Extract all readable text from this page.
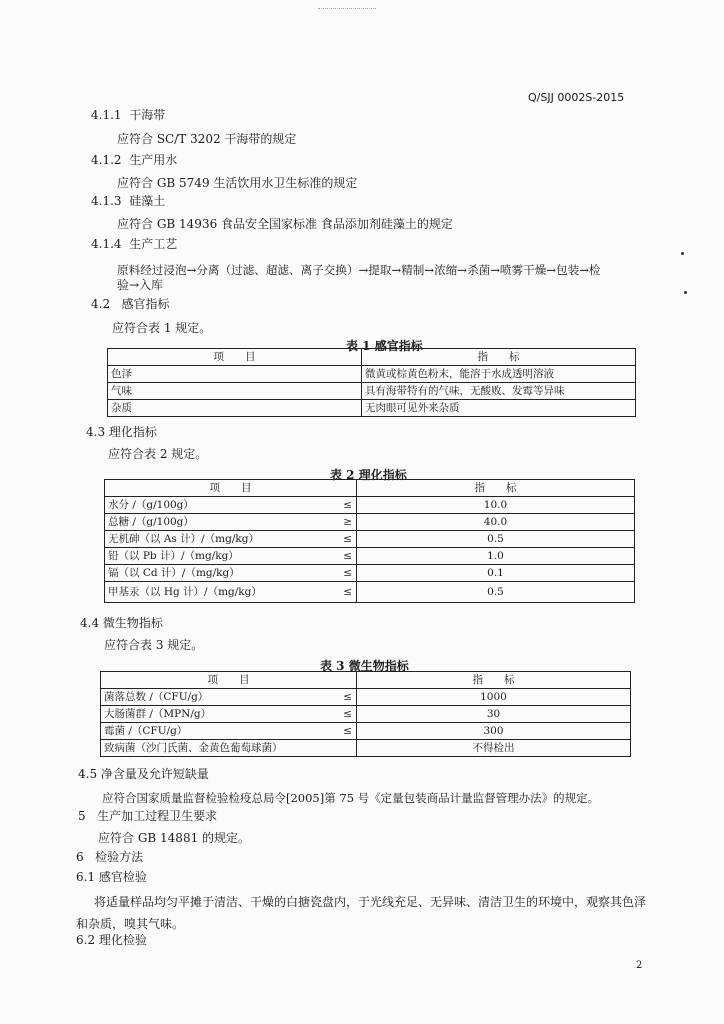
Q/SJJ 0002S-2015
4.1.1 干海带
应符合 SC/T 3202 干海带的规定
4.1.2 生产用水
应符合 GB 5749 生活饮用水卫生标准的规定
4.1.3 硅藻土
应符合 GB 14936 食品安全国家标准 食品添加剂硅藻土的规定
4.1.4 生产工艺
原料经过浸泡→分离（过滤、超滤、离子交换）→提取→精制→浓缩→杀菌→喷雾干燥→包装→检
验→入库
4.2 感官指标
应符合表 1 规定。
表 1 感官指标
项　　目	指　　标
色泽	微黄或棕黄色粉末，能溶于水成透明溶液
气味	具有海带特有的气味，无酸败、发霉等异味
杂质	无肉眼可见外来杂质
4.3 理化指标
应符合表 2 规定。
表 2 理化指标
项　　目		指　　标
水分 /（g/100g）	≤	10.0
总糖 /（g/100g）	≥	40.0
无机砷（以 As 计）/（mg/kg）	≤	0.5
铅（以 Pb 计）/（mg/kg）	≤	1.0
镉（以 Cd 计）/（mg/kg）	≤	0.1
甲基汞（以 Hg 计）/（mg/kg）	≤	0.5
4.4 微生物指标
应符合表 3 规定。
表 3 微生物指标
项　　目		指　　标
菌落总数 /（CFU/g）	≤	1000
大肠菌群 /（MPN/g）	≤	30
霉菌 /（CFU/g）	≤	300
致病菌（沙门氏菌、金黄色葡萄球菌）		不得检出
4.5 净含量及允许短缺量
应符合国家质量监督检验检疫总局令[2005]第 75 号《定量包装商品计量监督管理办法》的规定。
5 生产加工过程卫生要求
应符合 GB 14881 的规定。
6 检验方法
6.1 感官检验
将适量样品均匀平摊于清洁、干燥的白搪瓷盘内，于光线充足、无异味、清洁卫生的环境中，观察其色泽和杂质，嗅其气味。
6.2 理化检验
2
